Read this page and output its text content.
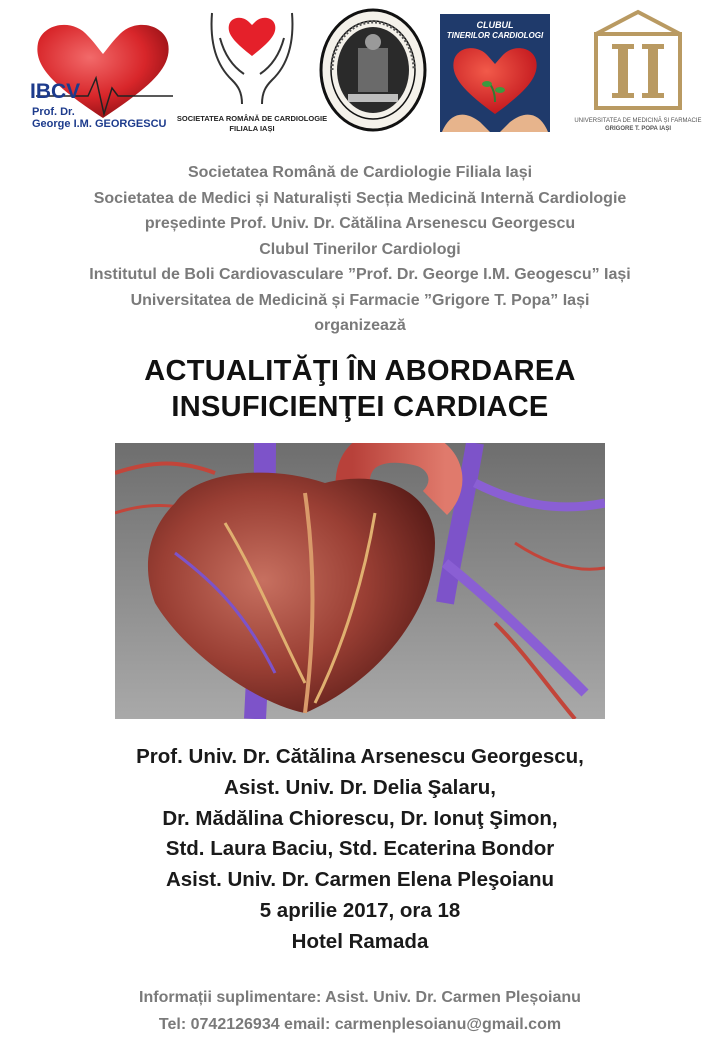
IBCV
Prof. Dr.
George I.M. GEORGESCU	SOCIETATEA ROMÂNĂ DE CARDIOLOGIE
FILIALA IAȘI
CLUBUL
TINERILOR CARDIOLOGI
UNIVERSITATEA DE MEDICINĂ ȘI FARMACIE
GRIGORE T. POPA IAȘI
Societatea Română de Cardiologie Filiala Iași
Societatea de Medici și Naturaliști Secția Medicină Internă Cardiologie
președinte Prof. Univ. Dr. Cătălina Arsenescu Georgescu
Clubul Tinerilor Cardiologi
Institutul de Boli Cardiovasculare ”Prof. Dr. George I.M. Geogescu” Iași
Universitatea de Medicină și Farmacie ”Grigore T. Popa” Iași
organizează
ACTUALITĂŢI ÎN ABORDAREA
INSUFICIENŢEI CARDIACE
Prof. Univ. Dr. Cătălina Arsenescu Georgescu,
Asist. Univ. Dr. Delia Şalaru,
Dr. Mădălina Chiorescu, Dr. Ionuţ Şimon,
Std. Laura Baciu, Std. Ecaterina Bondor
Asist. Univ. Dr. Carmen Elena Pleşoianu
5 aprilie 2017, ora 18
Hotel Ramada
Informații suplimentare: Asist. Univ. Dr. Carmen Pleșoianu
Tel: 0742126934 email: carmenplesoianu@gmail.com
